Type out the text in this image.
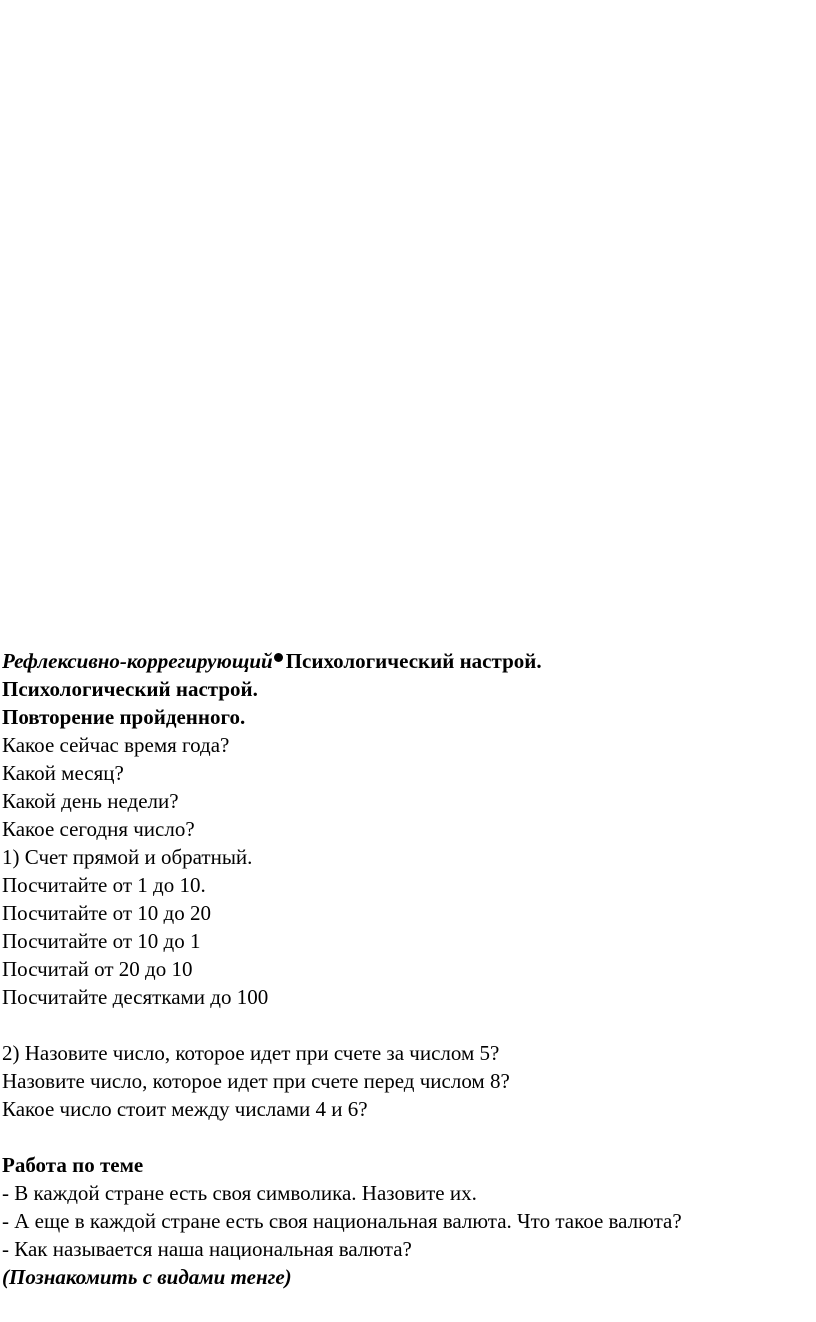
Рефлексивно-коррегирующий Психологический настрой.
Психологический настрой.
Повторение пройденного.
Какое сейчас время года?
Какой месяц?
Какой день недели?
Какое сегодня число?
1) Счет прямой и обратный.
Посчитайте от 1 до 10.
Посчитайте от 10 до 20
Посчитайте от 10 до 1
Посчитай от 20 до 10
Посчитайте десятками до 100
2) Назовите число, которое идет при счете за числом 5?
Назовите число, которое идет при счете перед числом 8?
Какое число стоит между числами 4 и 6?
Работа по теме
- В каждой стране есть своя символика. Назовите их.
- А еще в каждой стране есть своя национальная валюта. Что такое валюта?
- Как называется наша национальная валюта?
(Познакомить с видами тенге)
